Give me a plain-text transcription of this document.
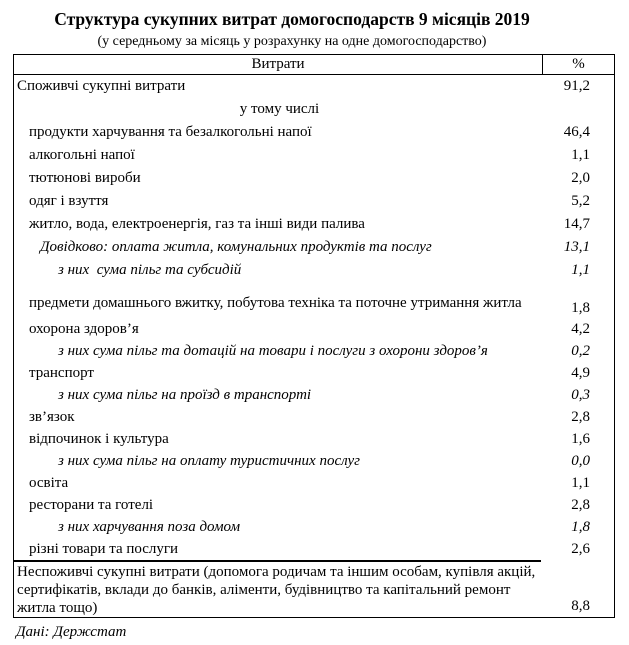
Структура сукупних витрат домогосподарств 9 місяців 2019
(у середньому за місяць у розрахунку на одне домогосподарство)
Витрати	%
Споживчі сукупні витрати	91,2
у тому числі
продукти харчування та безалкогольні напої	46,4
алкогольні напої	1,1
тютюнові вироби	2,0
одяг і взуття	5,2
житло, вода, електроенергія, газ та інші види палива	14,7
Довідково: оплата житла, комунальних продуктів та послуг	13,1
з них  сума пільг та субсидій	1,1
предмети домашнього вжитку, побутова техніка та поточне утримання житла	1,8
охорона здоров’я	4,2
з них сума пільг та дотацій на товари і послуги з охорони здоров’я	0,2
транспорт	4,9
з них сума пільг на проїзд в транспорті	0,3
зв’язок	2,8
відпочинок і культура	1,6
з них сума пільг на оплату туристичних послуг	0,0
освіта	1,1
ресторани та готелі	2,8
з них харчування поза домом	1,8
різні товари та послуги	2,6
Неспоживчі сукупні витрати (допомога родичам та іншим особам, купівля акцій, сертифікатів, вклади до банків, аліменти, будівництво та капітальний ремонт житла тощо)	8,8
Дані: Держстат
